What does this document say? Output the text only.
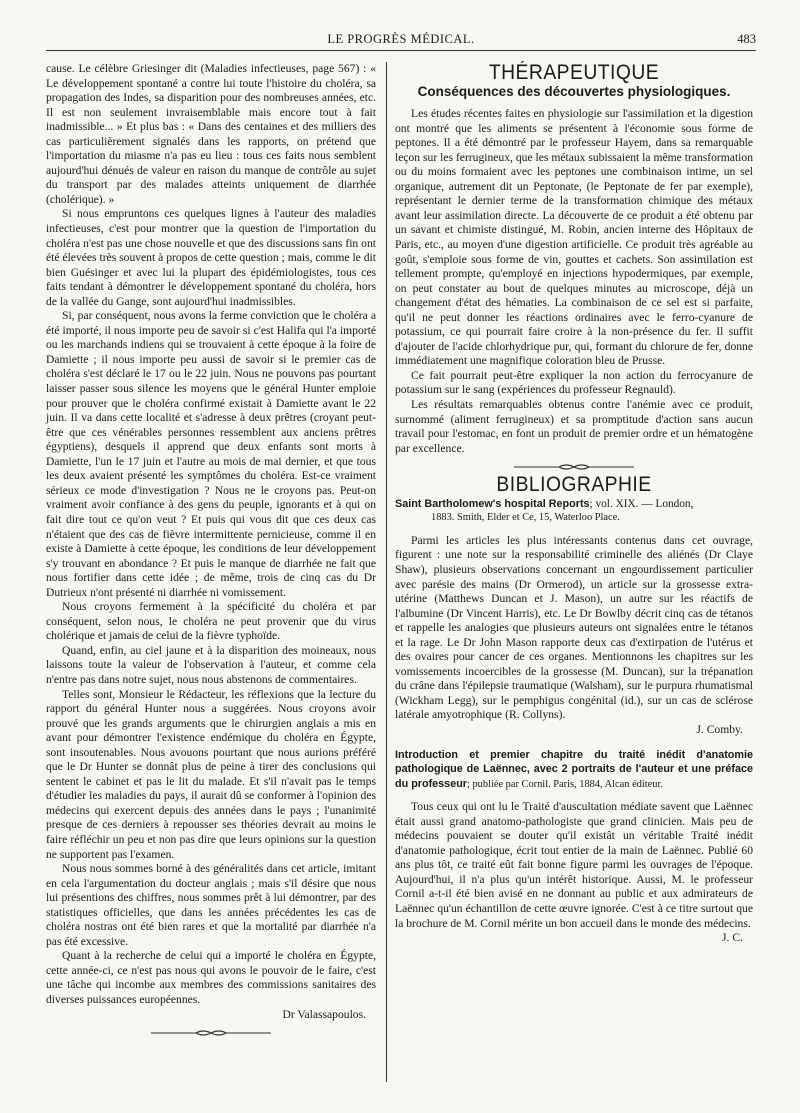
LE PROGRÈS MÉDICAL.	483

cause. Le célèbre Griesinger dit (Maladies infectieuses, page 567) : « Le développement spontané a contre lui toute l'histoire du choléra, sa propagation des Indes, sa disparition pour des nombreuses années, etc. Il est non seulement invraisemblable mais encore tout à fait inadmissible... » Et plus bas : « Dans des centaines et des milliers des cas particulièrement signalés dans les rapports, on prétend que l'importation du miasme n'a pas eu lieu : tous ces faits nous semblent aujourd'hui dénués de valeur en raison du manque de contrôle au sujet du transport par des malades atteints uniquement de diarrhée (cholérique). »

Si nous empruntons ces quelques lignes à l'auteur des maladies infectieuses, c'est pour montrer que la question de l'importation du choléra n'est pas une chose nouvelle et que des discussions sans fin ont été élevées très souvent à propos de cette question ; mais, comme le dit bien Guésinger et avec lui la plupart des épidémiologistes, tous ces faits tendant à démontrer le développement spontané du choléra, hors de la vallée du Gange, sont aujourd'hui inadmissibles.

Si, par conséquent, nous avons la ferme conviction que le choléra a été importé, il nous importe peu de savoir si c'est Halifa qui l'a importé ou les marchands indiens qui se trouvaient à cette époque à la foire de Damiette ; il nous importe peu aussi de savoir si le premier cas de choléra s'est déclaré le 17 ou le 22 juin. Nous ne pouvons pas pourtant laisser passer sous silence les moyens que le général Hunter emploie pour prouver que le choléra confirmé existait à Damiette avant le 22 juin. Il va dans cette localité et s'adresse à deux prêtres (croyant peut-être que ces vénérables personnes ressemblent aux anciens prêtres égyptiens), desquels il apprend que deux enfants sont morts à Damiette, l'un le 17 juin et l'autre au mois de mai dernier, et que tous les deux avaient présenté les symptômes du choléra. Est-ce vraiment sérieux ce mode d'investigation ? Nous ne le croyons pas. Peut-on vraiment avoir confiance à des gens du peuple, ignorants et à qui on fait dire tout ce qu'on veut ? Et puis qui vous dit que ces deux cas n'étaient que des cas de fièvre intermittente pernicieuse, comme il en existe à Damiette à cette époque, les conditions de leur développement s'y trouvant en abondance ? Et puis le manque de diarrhée ne fait que nous fortifier dans cette idée ; de même, trois de cinq cas du Dr Dutrieux n'ont présenté ni diarrhée ni vomissement.

Nous croyons fermement à la spécificité du choléra et par conséquent, selon nous, le choléra ne peut provenir que du virus cholérique et jamais de celui de la fièvre typhoïde.

Quand, enfin, au ciel jaune et à la disparition des moineaux, nous laissons toute la valeur de l'observation à l'auteur, et comme cela n'entre pas dans notre sujet, nous nous abstenons de commentaires.

Telles sont, Monsieur le Rédacteur, les réflexions que la lecture du rapport du général Hunter nous a suggérées. Nous croyons avoir prouvé que les grands arguments que le chirurgien anglais a mis en avant pour démontrer l'existence endémique du choléra en Égypte, sont insoutenables. Nous avouons pourtant que nous aurions préféré que le Dr Hunter se donnât plus de peine à tirer des conclusions qui sentent le cabinet et pas le lit du malade. Et s'il n'avait pas le temps d'étudier les maladies du pays, il aurait dû se conformer à l'opinion des médecins qui exercent depuis des années dans le pays ; l'unanimité presque de ces derniers à repousser ses théories devrait au moins le faire réfléchir un peu et non pas dire que leurs opinions sur la question ne supportent pas l'examen.

Nous nous sommes borné à des généralités dans cet article, imitant en cela l'argumentation du docteur anglais ; mais s'il désire que nous lui présentions des chiffres, nous sommes prêt à lui démontrer, par des statistiques officielles, que dans les années précédentes les cas de choléra nostras ont été bien rares et que la mortalité par diarrhée n'a pas été excessive.

Quant à la recherche de celui qui a importé le choléra en Égypte, cette année-ci, ce n'est pas nous qui avons le pouvoir de le faire, c'est une tâche qui incombe aux membres des commissions sanitaires des diverses puissances européennes.

Dr Valassapoulos.

THÉRAPEUTIQUE
Conséquences des découvertes physiologiques.

Les études récentes faites en physiologie sur l'assimilation et la digestion ont montré que les aliments se présentent à l'économie sous forme de peptones. Il a été démontré par le professeur Hayem, dans sa remarquable leçon sur les ferrugineux, que les métaux subissaient la même transformation ou du moins formaient avec les peptones une combinaison intime, un sel organique, autrement dit un Peptonate, (le Peptonate de fer par exemple), représentant le dernier terme de la transformation chimique des métaux avant leur assimilation directe. La découverte de ce produit a été obtenu par un savant et chimiste distingué, M. Robin, ancien interne des Hôpitaux de Paris, etc., au moyen d'une digestion artificielle. Ce produit très agréable au goût, s'emploie sous forme de vin, gouttes et cachets. Son assimilation est tellement prompte, qu'employé en injections hypodermiques, par exemple, on peut constater au bout de quelques minutes au microscope, déjà un changement d'état des hématies. La combinaison de ce sel est si parfaite, qu'il ne peut donner les réactions ordinaires avec le ferro-cyanure de potassium, ce qui pourrait faire croire à la non-présence du fer. Il suffit d'ajouter de l'acide chlorhydrique pur, qui, formant du chlorure de fer, donne immédiatement une magnifique coloration bleu de Prusse.

Ce fait pourrait peut-être expliquer la non action du ferrocyanure de potassium sur le sang (expériences du professeur Regnauld).

Les résultats remarquables obtenus contre l'anémie avec ce produit, surnommé (aliment ferrugineux) et sa promptitude d'action sans aucun travail pour l'estomac, en font un produit de premier ordre et un hématogène par excellence.

BIBLIOGRAPHIE

Saint Bartholomew's hospital Reports; vol. XIX. — London,
1883. Smith, Elder et Ce, 15, Waterloo Place.

Parmi les articles les plus intéressants contenus dans cet ouvrage, figurent : une note sur la responsabilité criminelle des aliénés (Dr Claye Shaw), plusieurs observations concernant un engourdissement particulier avec parésie des mains (Dr Ormerod), un article sur la grossesse extra-utérine (Matthews Duncan et J. Mason), un autre sur les réactifs de l'albumine (Dr Vincent Harris), etc. Le Dr Bowlby décrit cinq cas de tétanos et rappelle les analogies que plusieurs auteurs ont signalées entre le tétanos et la rage. Le Dr John Mason rapporte deux cas d'extirpation de l'utérus et des ovaires pour cancer de ces organes. Mentionnons les chapitres sur les vomissements incoercibles de la grossesse (M. Duncan), sur la trépanation du crâne dans l'épilepsie traumatique (Walsham), sur le purpura rhumatismal (Wickham Legg), sur le pemphigus congénital (id.), sur un cas de sclérose latérale amyotrophique (R. Collyns).

J. Comby.

Introduction et premier chapitre du traité inédit d'anatomie pathologique de Laënnec, avec 2 portraits de l'auteur et une préface du professeur; publiée par Cornil. Paris, 1884, Alcan éditeur.

Tous ceux qui ont lu le Traité d'auscultation médiate savent que Laënnec était aussi grand anatomo-pathologiste que grand clinicien. Mais peu de médecins pouvaient se douter qu'il existât un véritable Traité inédit d'anatomie pathologique, écrit tout entier de la main de Laënnec. Publié 60 ans plus tôt, ce traité eût fait bonne figure parmi les ouvrages de l'époque. Aujourd'hui, il n'a plus qu'un intérêt historique. Aussi, M. le professeur Cornil a-t-il été bien avisé en ne donnant au public et aux admirateurs de Laënnec qu'un échantillon de cette œuvre ignorée. C'est à ce titre surtout que la brochure de M. Cornil mérite un bon accueil dans le monde des médecins.

J. C.
